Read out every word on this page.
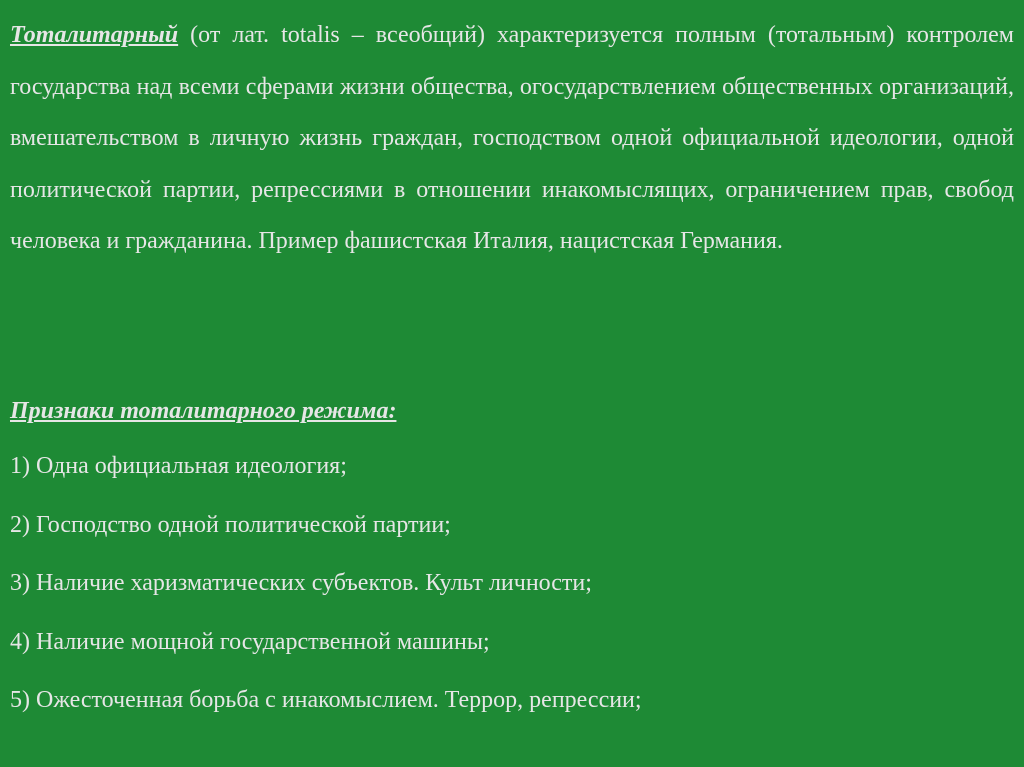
Тоталитарный (от лат. totalis – всеобщий) характеризуется полным (тотальным) контролем государства над всеми сферами жизни общества, огосударствлением общественных организаций, вмешательством в личную жизнь граждан, господством одной официальной идеологии, одной политической партии, репрессиями в отношении инакомыслящих, ограничением прав, свобод человека и гражданина. Пример фашистская Италия, нацистская Германия.

Признаки тоталитарного режима:
1) Одна официальная идеология;
2) Господство одной политической партии;
3) Наличие харизматических субъектов. Культ личности;
4) Наличие мощной государственной машины;
5) Ожесточенная борьба с инакомыслием. Террор, репрессии;
